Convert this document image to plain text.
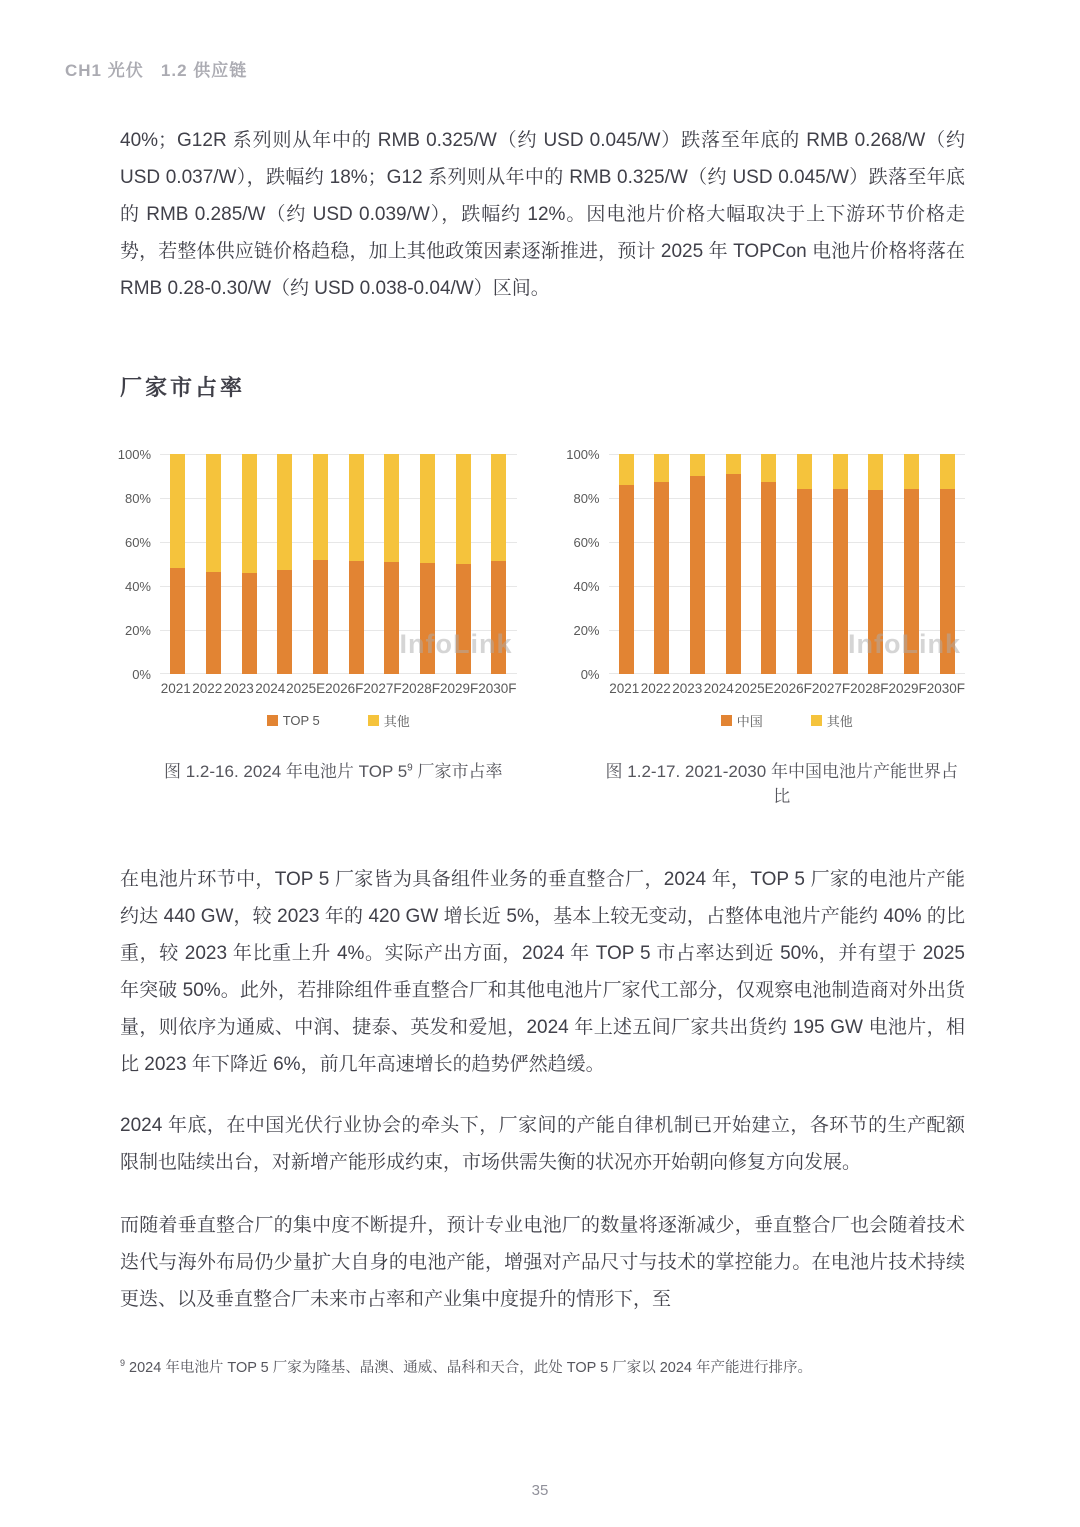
CH1 光伏   1.2 供应链

40%；G12R 系列则从年中的 RMB 0.325/W（约 USD 0.045/W）跌落至年底的 RMB 0.268/W（约 USD 0.037/W），跌幅约 18%；G12 系列则从年中的 RMB 0.325/W（约 USD 0.045/W）跌落至年底的 RMB 0.285/W（约 USD 0.039/W），跌幅约 12%。因电池片价格大幅取决于上下游环节价格走势，若整体供应链价格趋稳，加上其他政策因素逐渐推进，预计 2025 年 TOPCon 电池片价格将落在 RMB 0.28-0.30/W（约 USD 0.038-0.04/W）区间。

厂家市占率
0%
20%
40%
60%
80%
100%
InfoLink
2021 2022 2023 2024 2025E 2026F 2027F 2028F 2029F 2030F
TOP 5	其他
图 1.2-16. 2024 年电池片 TOP $5^9$ 厂家市占率
0%
20%
40%
60%
80%
100%
InfoLink
2021 2022 2023 2024 2025E 2026F 2027F 2028F 2029F 2030F
中国	其他
图 1.2-17. 2021-2030 年中国电池片产能世界占比

在电池片环节中，TOP 5 厂家皆为具备组件业务的垂直整合厂，2024 年，TOP 5 厂家的电池片产能约达 440 GW，较 2023 年的 420 GW 增长近 5%，基本上较无变动，占整体电池片产能约 40% 的比重，较 2023 年比重上升 4%。实际产出方面，2024 年 TOP 5 市占率达到近 50%，并有望于 2025 年突破 50%。此外，若排除组件垂直整合厂和其他电池片厂家代工部分，仅观察电池制造商对外出货量，则依序为通威、中润、捷泰、英发和爱旭，2024 年上述五间厂家共出货约 195 GW 电池片，相比 2023 年下降近 6%，前几年高速增长的趋势俨然趋缓。

2024 年底，在中国光伏行业协会的牵头下，厂家间的产能自律机制已开始建立，各环节的生产配额限制也陆续出台，对新增产能形成约束，市场供需失衡的状况亦开始朝向修复方向发展。

而随着垂直整合厂的集中度不断提升，预计专业电池厂的数量将逐渐减少，垂直整合厂也会随着技术迭代与海外布局仍少量扩大自身的电池产能，增强对产品尺寸与技术的掌控能力。在电池片技术持续更迭、以及垂直整合厂未来市占率和产业集中度提升的情形下，至

$^9$ 2024 年电池片 TOP 5 厂家为隆基、晶澳、通威、晶科和天合，此处 TOP 5 厂家以 2024 年产能进行排序。

35
